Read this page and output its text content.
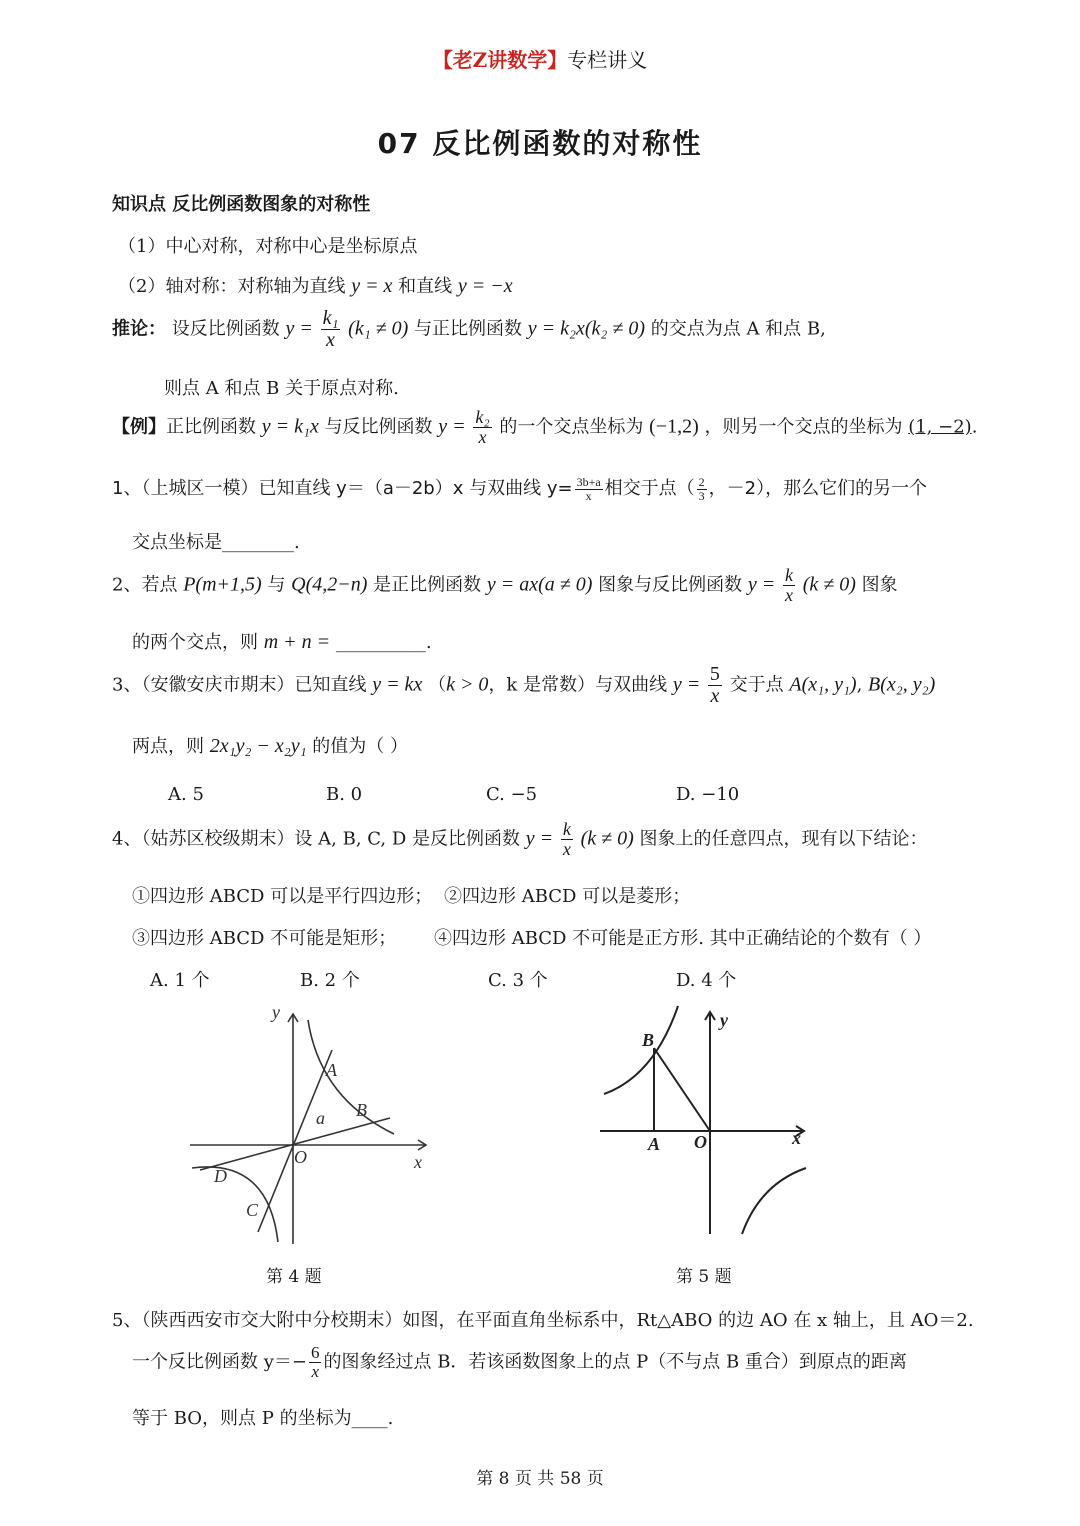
【老Z讲数学】专栏讲义
07 反比例函数的对称性
知识点 反比例函数图象的对称性
（1）中心对称，对称中心是坐标原点
（2）轴对称：对称轴为直线 y = x 和直线 y = −x
推论： 设反比例函数 $y = \frac{\text{k₁}}{x} (k_1 \ne 0)$ 与正比例函数 y = k₂x(k₂ ≠ 0) 的交点为点 A 和点 B,
则点 A 和点 B 关于原点对称.
【例】正比例函数 y = k₁x 与反比例函数 $y = \frac{\text{k₂}}{x}$ 的一个交点坐标为 (−1,2) ，则另一个交点的坐标为 (1, −2).
1、（上城区一模）已知直线 y＝（a－2b）x 与双曲线 $y= \frac{3b+a}{x}$ 相交于点（ $\frac{2}{3}$ ，－2），那么它们的另一个
交点坐标是________.
2、若点 P(m+1,5) 与 Q(4,2−n) 是正比例函数 y = ax(a ≠ 0) 图象与反比例函数 $y = \frac{k}{x} (k \ne 0)$ 图象
的两个交点，则 m + n = __________.
3、（安徽安庆市期末）已知直线 y = kx （k > 0，k 是常数）与双曲线 $y = \frac{5}{x}$ 交于点 A(x₁, y₁), B(x₂, y₂)
两点，则 2x₁y₂ − x₂y₁ 的值为（ ）
A. 5	B. 0	C. −5	D. −10
4、（姑苏区校级期末）设 A, B, C, D 是反比例函数 $y = \frac{k}{x} (k \ne 0)$ 图象上的任意四点，现有以下结论：
①四边形 ABCD 可以是平行四边形； ②四边形 ABCD 可以是菱形；
③四边形 ABCD 不可能是矩形； ④四边形 ABCD 不可能是正方形. 其中正确结论的个数有（ ）
A. 1 个	B. 2 个	C. 3 个	D. 4 个
y
x
O
A
B
C
D
a
第 4 题
y
x
O
A
B
第 5 题
5、（陕西西安市交大附中分校期末）如图，在平面直角坐标系中，Rt△ABO 的边 AO 在 x 轴上，且 AO＝2.
一个反比例函数 $y=- \frac{6}{x}$ 的图象经过点 B．若该函数图象上的点 P（不与点 B 重合）到原点的距离
等于 BO，则点 P 的坐标为____.
第 8 页 共 58 页
